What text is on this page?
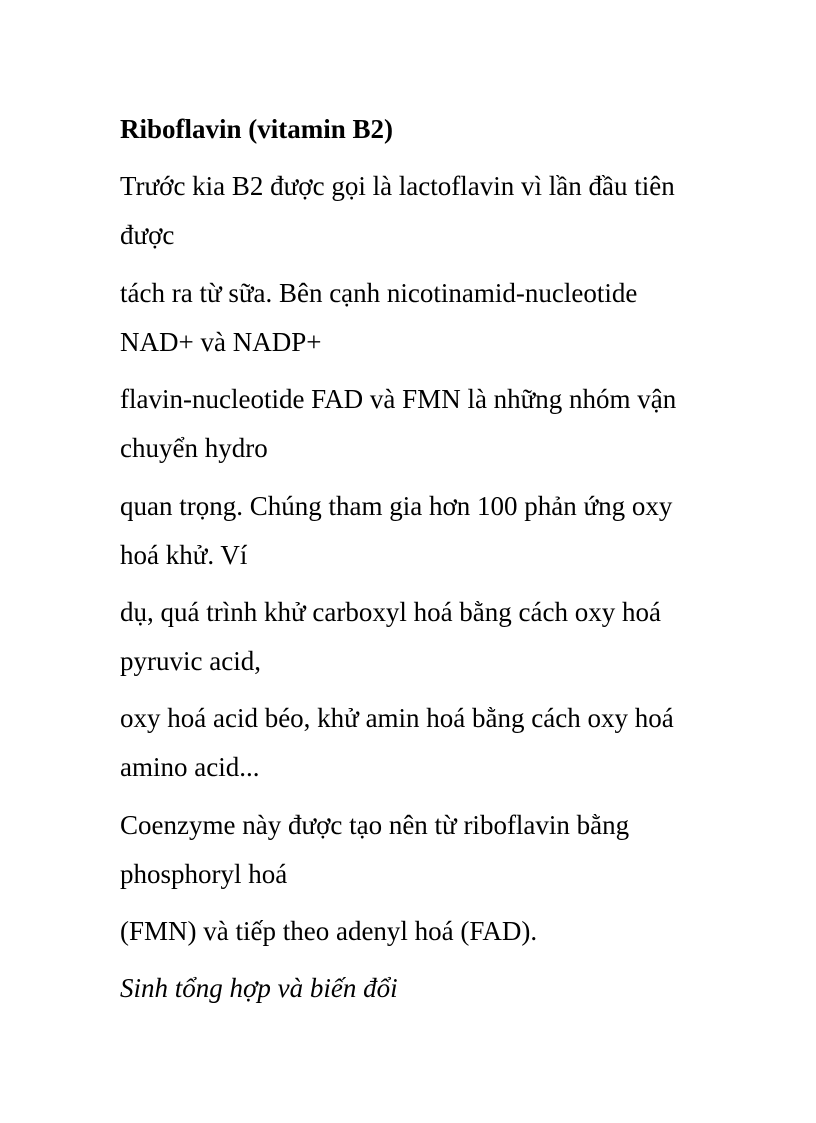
Riboflavin (vitamin B2)
Trước kia B2 được gọi là lactoflavin vì lần đầu tiên
được
tách ra từ sữa. Bên cạnh nicotinamid-nucleotide
NAD+ và NADP+
flavin-nucleotide FAD và FMN là những nhóm vận
chuyển hydro
quan trọng. Chúng tham gia hơn 100 phản ứng oxy
hoá khử. Ví
dụ, quá trình khử carboxyl hoá bằng cách oxy hoá
pyruvic acid,
oxy hoá acid béo, khử amin hoá bằng cách oxy hoá
amino acid...
Coenzyme này được tạo nên từ riboflavin bằng
phosphoryl hoá
(FMN) và tiếp theo adenyl hoá (FAD).
Sinh tổng hợp và biến đổi
